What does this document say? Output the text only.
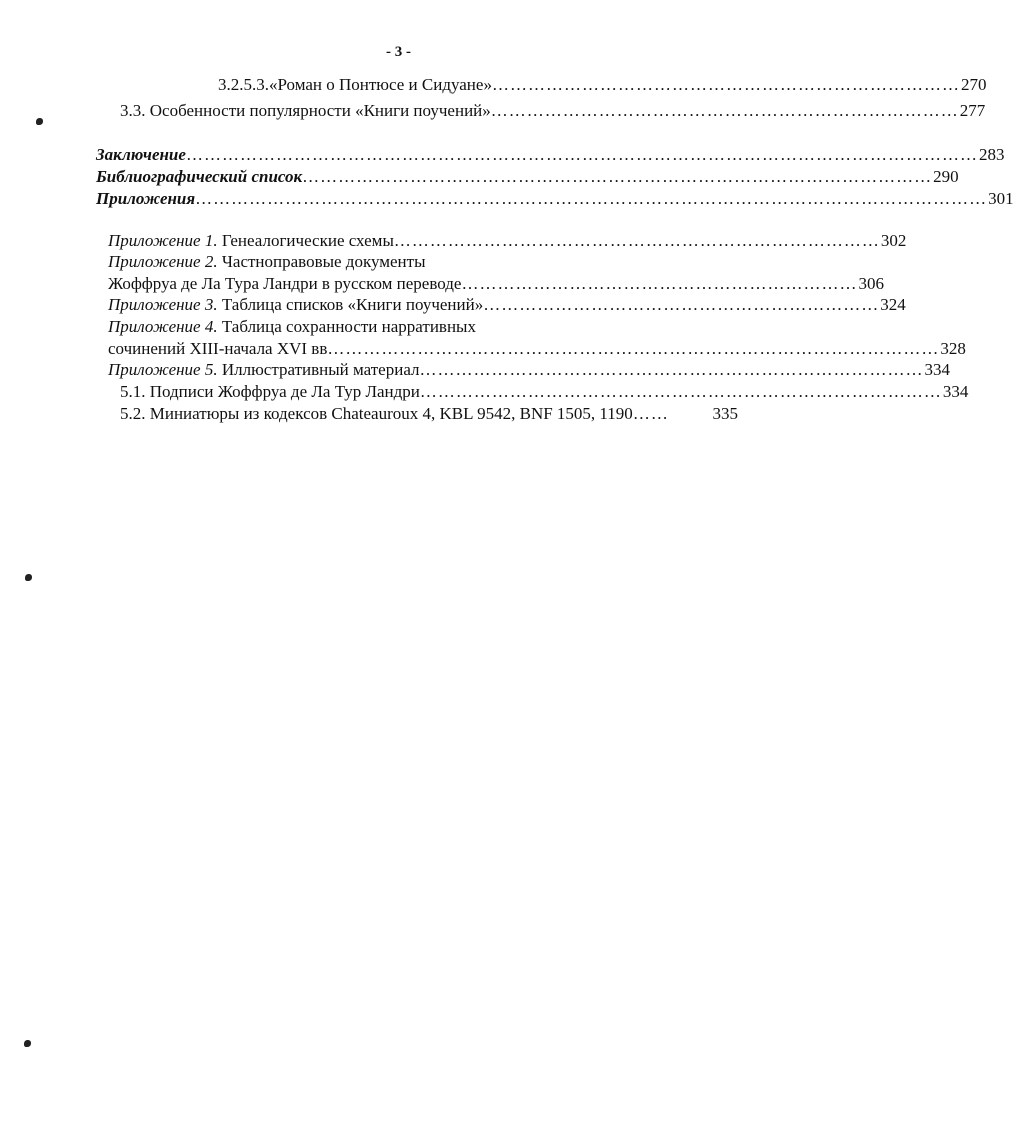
- 3 -
3.2.5.3.«Роман о Понтюсе и Сидуане» …………………………………………………………………… 270
3.3. Особенности популярности «Книги поучений» …………………………………………………………………… 277
Заключение …………………………………………………………………………………………………………………… 283
Библиографический список …………………………………………………………………………………………… 290
Приложения …………………………………………………………………………………………………………………… 301
Приложение 1. Генеалогические схемы ……………………………………………………………………… 302
Приложение 2. Частноправовые документы
Жоффруа де Ла Тура Ландри в русском переводе ………………………………………………………… 306
Приложение 3. Таблица списков «Книги поучений» ………………………………………………………… 324
Приложение 4. Таблица сохранности нарративных
сочинений XIII-начала XVI вв ………………………………………………………………………………………… 328
Приложение 5. Иллюстративный материал ………………………………………………………………………… 334
5.1. Подписи Жоффруа де Ла Тур Ландри …………………………………………………………………………… 334
5.2. Миниатюры из кодексов Chateauroux 4, KBL 9542, BNF 1505, 1190 ……	335
